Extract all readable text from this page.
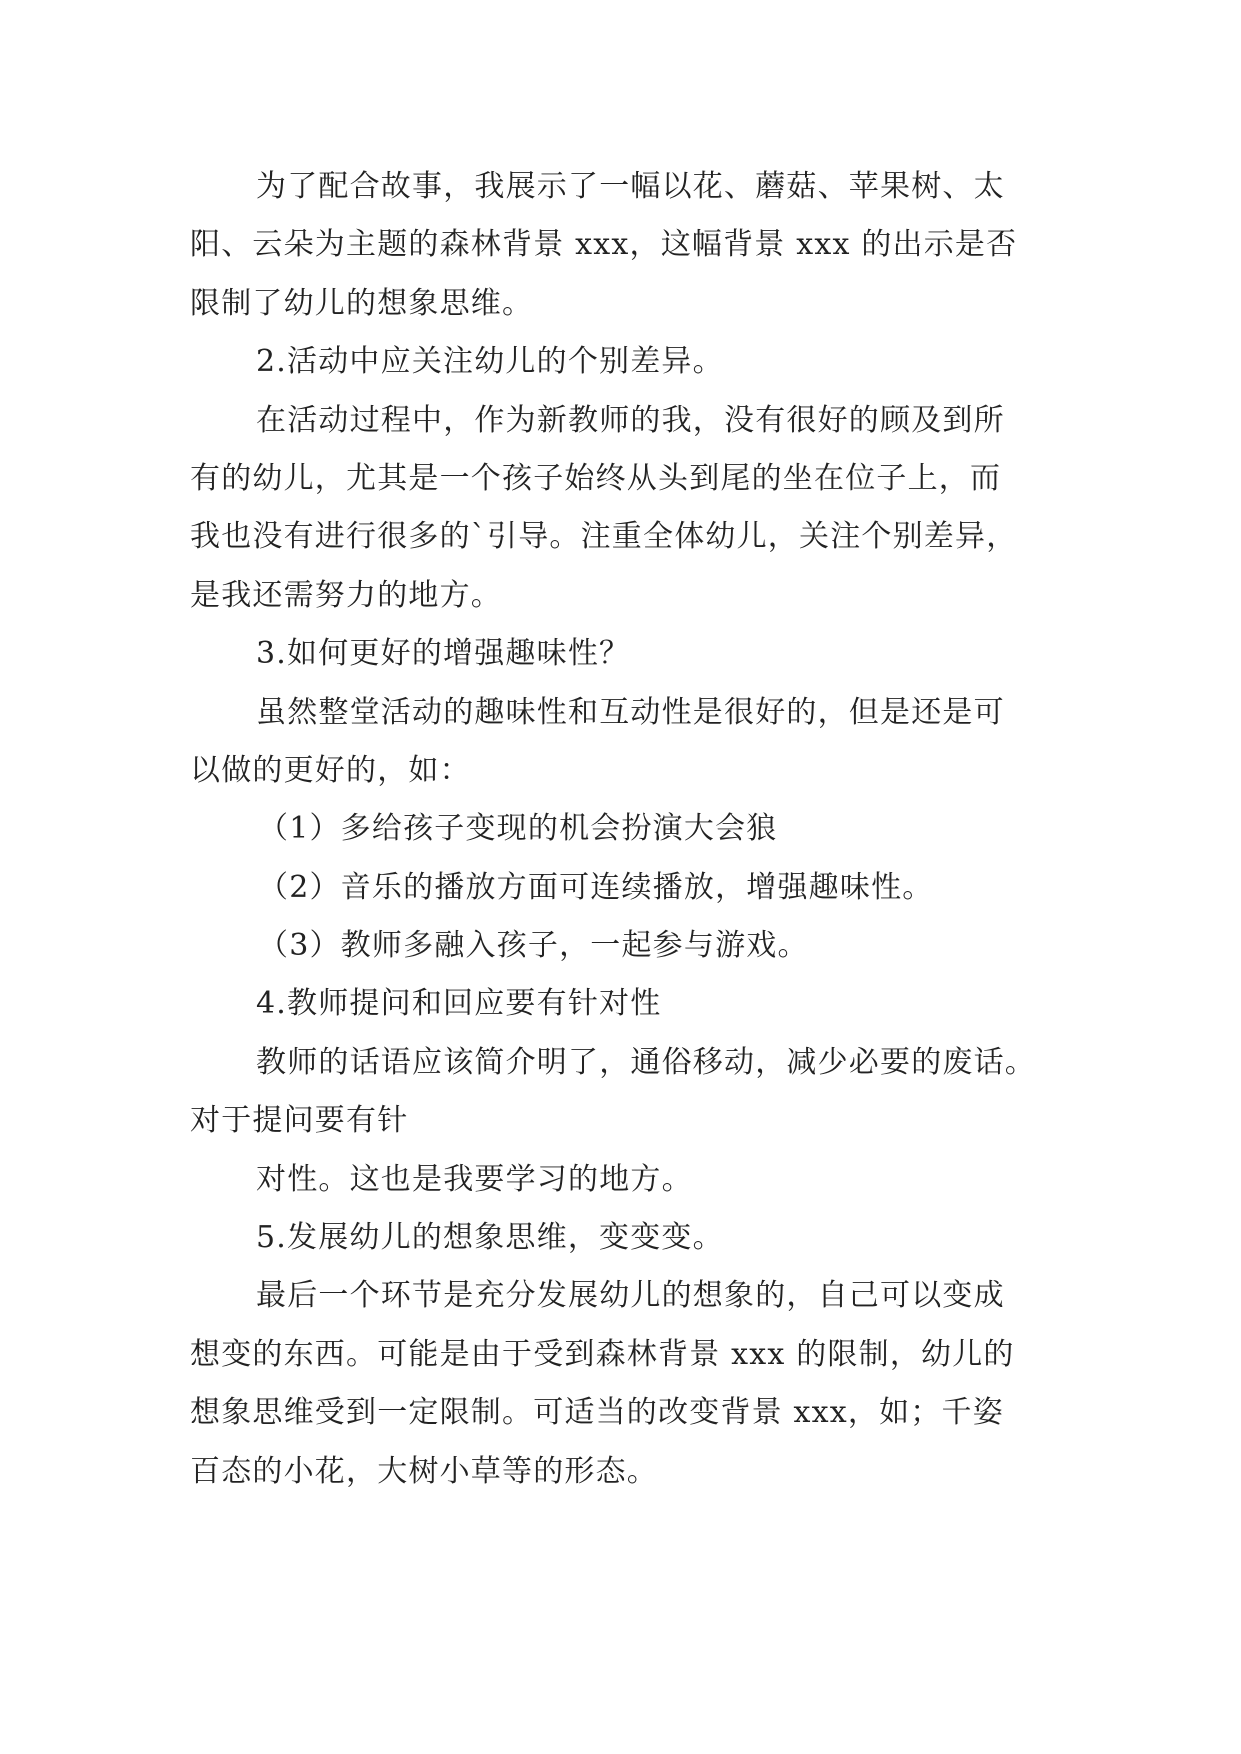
为了配合故事，我展示了一幅以花、蘑菇、苹果树、太
阳、云朵为主题的森林背景 xxx，这幅背景 xxx 的出示是否
限制了幼儿的想象思维。
2.活动中应关注幼儿的个别差异。
在活动过程中，作为新教师的我，没有很好的顾及到所
有的幼儿，尤其是一个孩子始终从头到尾的坐在位子上，而
我也没有进行很多的`引导。注重全体幼儿，关注个别差异，
是我还需努力的地方。
3.如何更好的增强趣味性？
虽然整堂活动的趣味性和互动性是很好的，但是还是可
以做的更好的，如：
（1）多给孩子变现的机会扮演大会狼
（2）音乐的播放方面可连续播放，增强趣味性。
（3）教师多融入孩子，一起参与游戏。
4.教师提问和回应要有针对性
教师的话语应该简介明了，通俗移动，减少必要的废话。
对于提问要有针
对性。这也是我要学习的地方。
5.发展幼儿的想象思维，变变变。
最后一个环节是充分发展幼儿的想象的，自己可以变成
想变的东西。可能是由于受到森林背景 xxx 的限制，幼儿的
想象思维受到一定限制。可适当的改变背景 xxx，如；千姿
百态的小花，大树小草等的形态。
